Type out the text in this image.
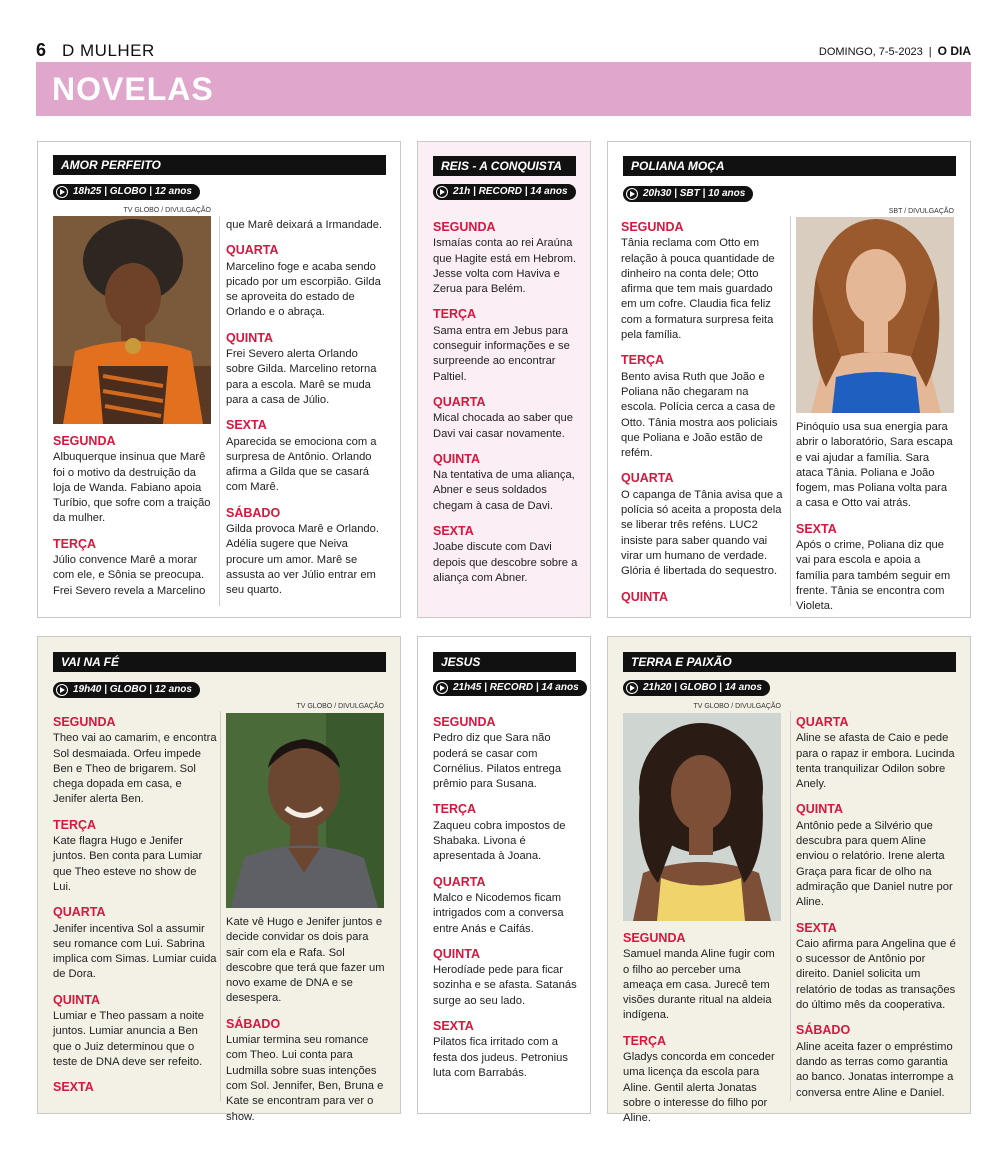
6 D MULHER	DOMINGO, 7-5-2023 | O DIA
NOVELAS
AMOR PERFEITO
18h25 | GLOBO | 12 anos
TV GLOBO / DIVULGAÇÃO

SEGUNDA
Albuquerque insinua que Marê foi o motivo da destruição da loja de Wanda. Fabiano apoia Turíbio, que sofre com a traição da mulher.

TERÇA
Júlio convence Marê a morar com ele, e Sônia se preocupa. Frei Severo revela a Marcelino

que Marê deixará a Irmandade.

QUARTA
Marcelino foge e acaba sendo picado por um escorpião. Gilda se aproveita do estado de Orlando e o abraça.

QUINTA
Frei Severo alerta Orlando sobre Gilda. Marcelino retorna para a escola. Marê se muda para a casa de Júlio.

SEXTA
Aparecida se emociona com a surpresa de Antônio. Orlando afirma a Gilda que se casará com Marê.

SÁBADO
Gilda provoca Marê e Orlando. Adélia sugere que Neiva procure um amor. Marê se assusta ao ver Júlio entrar em seu quarto.

REIS - A CONQUISTA
21h | RECORD | 14 anos

SEGUNDA
Ismaías conta ao rei Araúna que Hagite está em Hebrom. Jesse volta com Haviva e Zerua para Belém.

TERÇA
Sama entra em Jebus para conseguir informações e se surpreende ao encontrar Paltiel.

QUARTA
Mical chocada ao saber que Davi vai casar novamente.

QUINTA
Na tentativa de uma aliança, Abner e seus soldados chegam à casa de Davi.

SEXTA
Joabe discute com Davi depois que descobre sobre a aliança com Abner.

POLIANA MOÇA
20h30 | SBT | 10 anos

SEGUNDA
Tânia reclama com Otto em relação à pouca quantidade de dinheiro na conta dele; Otto afirma que tem mais guardado em um cofre. Claudia fica feliz com a formatura surpresa feita pela família.

TERÇA
Bento avisa Ruth que João e Poliana não chegaram na escola. Polícia cerca a casa de Otto. Tânia mostra aos policiais que Poliana e João estão de refém.

QUARTA
O capanga de Tânia avisa que a polícia só aceita a proposta dela se liberar três reféns. LUC2 insiste para saber quando vai virar um humano de verdade. Glória é libertada do sequestro.

QUINTA

SBT / DIVULGAÇÃO

Pinóquio usa sua energia para abrir o laboratório, Sara escapa e vai ajudar a família. Sara ataca Tânia. Poliana e João fogem, mas Poliana volta para a casa e Otto vai atrás.

SEXTA
Após o crime, Poliana diz que vai para escola e apoia a família para também seguir em frente. Tânia se encontra com Violeta.

VAI NA FÉ
19h40 | GLOBO | 12 anos

SEGUNDA
Theo vai ao camarim, e encontra Sol desmaiada. Orfeu impede Ben e Theo de brigarem. Sol chega dopada em casa, e Jenifer alerta Ben.

TERÇA
Kate flagra Hugo e Jenifer juntos. Ben conta para Lumiar que Theo esteve no show de Lui.

QUARTA
Jenifer incentiva Sol a assumir seu romance com Lui. Sabrina implica com Simas. Lumiar cuida de Dora.

QUINTA
Lumiar e Theo passam a noite juntos. Lumiar anuncia a Ben que o Juiz determinou que o teste de DNA deve ser refeito.

SEXTA

TV GLOBO / DIVULGAÇÃO

Kate vê Hugo e Jenifer juntos e decide convidar os dois para sair com ela e Rafa. Sol descobre que terá que fazer um novo exame de DNA e se desespera.

SÁBADO
Lumiar termina seu romance com Theo. Lui conta para Ludmilla sobre suas intenções com Sol. Jennifer, Ben, Bruna e Kate se encontram para ver o show.

JESUS
21h45 | RECORD | 14 anos

SEGUNDA
Pedro diz que Sara não poderá se casar com Cornélius. Pilatos entrega prêmio para Susana.

TERÇA
Zaqueu cobra impostos de Shabaka. Livona é apresentada à Joana.

QUARTA
Malco e Nicodemos ficam intrigados com a conversa entre Anás e Caifás.

QUINTA
Herodíade pede para ficar sozinha e se afasta. Satanás surge ao seu lado.

SEXTA
Pilatos fica irritado com a festa dos judeus. Petronius luta com Barrabás.

TERRA E PAIXÃO
21h20 | GLOBO | 14 anos
TV GLOBO / DIVULGAÇÃO

SEGUNDA
Samuel manda Aline fugir com o filho ao perceber uma ameaça em casa. Jurecê tem visões durante ritual na aldeia indígena.

TERÇA
Gladys concorda em conceder uma licença da escola para Aline. Gentil alerta Jonatas sobre o interesse do filho por Aline.

QUARTA
Aline se afasta de Caio e pede para o rapaz ir embora. Lucinda tenta tranquilizar Odilon sobre Anely.

QUINTA
Antônio pede a Silvério que descubra para quem Aline enviou o relatório. Irene alerta Graça para ficar de olho na admiração que Daniel nutre por Aline.

SEXTA
Caio afirma para Angelina que é o sucessor de Antônio por direito. Daniel solicita um relatório de todas as transações do último mês da cooperativa.

SÁBADO
Aline aceita fazer o empréstimo dando as terras como garantia ao banco. Jonatas interrompe a conversa entre Aline e Daniel.
